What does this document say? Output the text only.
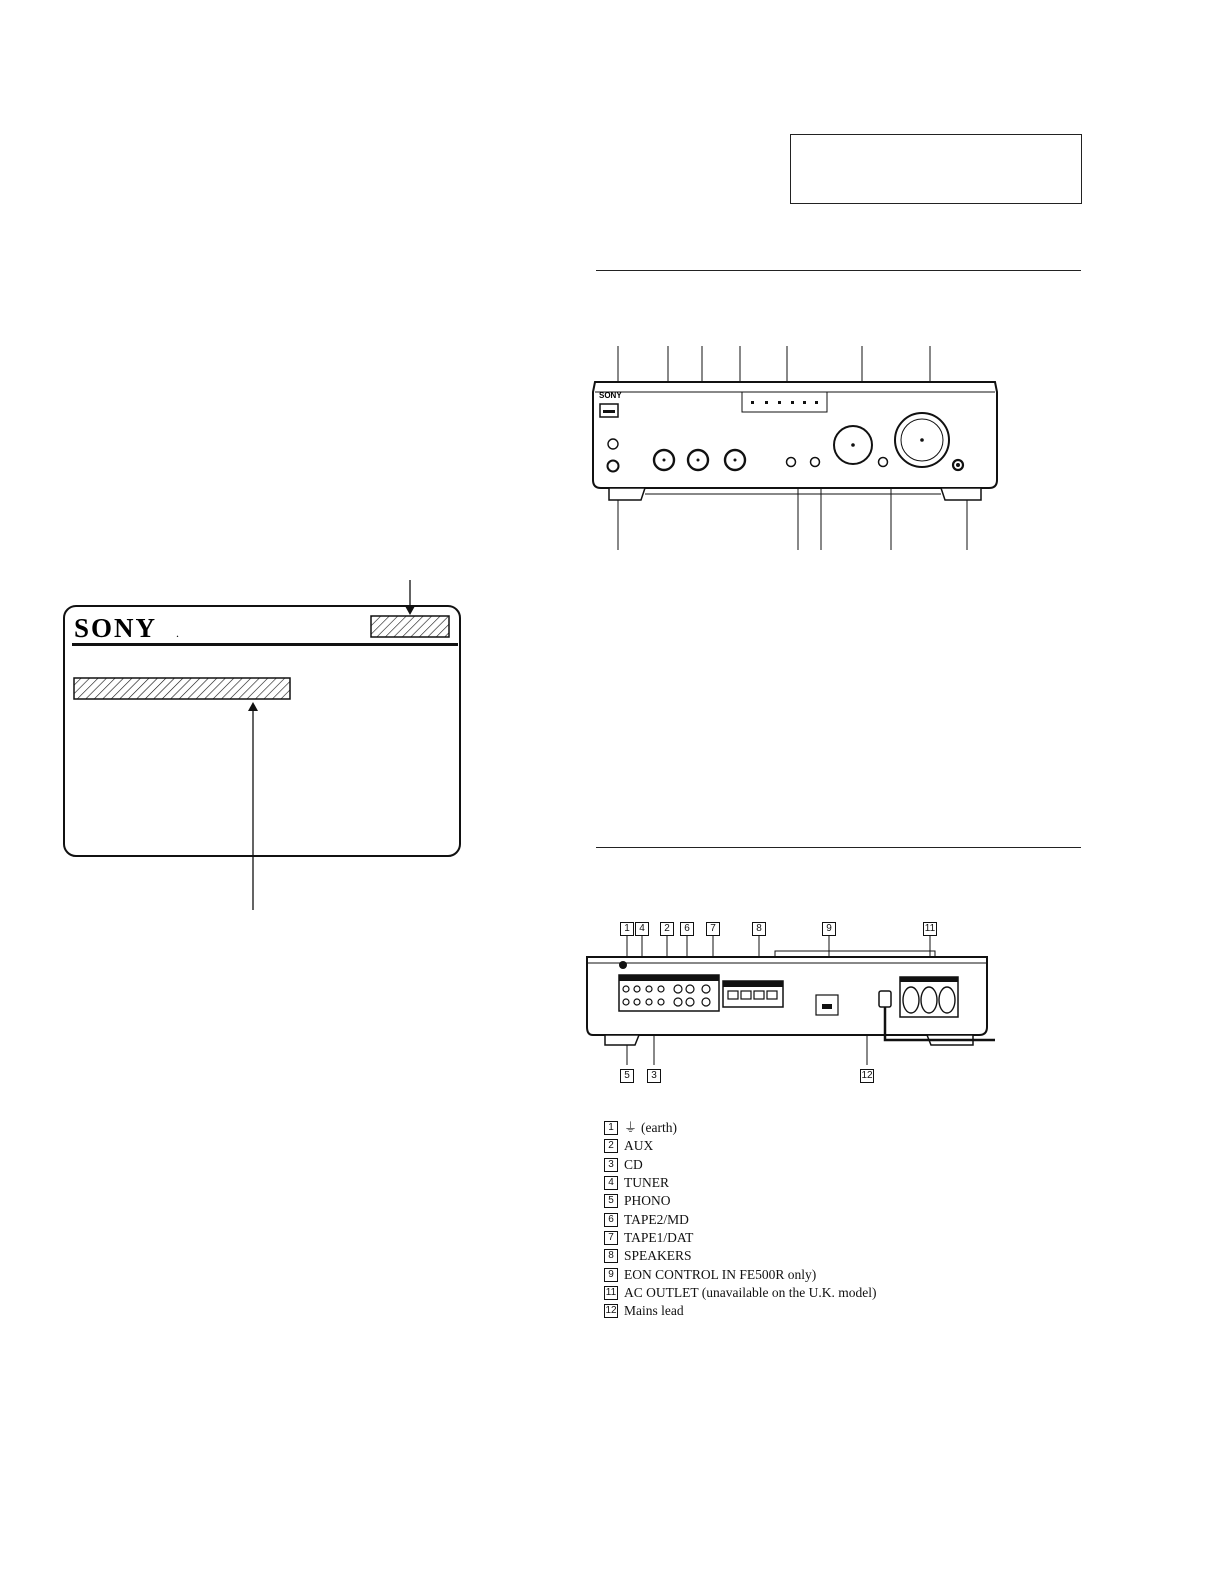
SONY .
SONY
1 4	2	6	7	8	9	11
5	3	12
1 ⏚ (earth)
2 AUX
3 CD
4 TUNER
5 PHONO
6 TAPE2/MD
7 TAPE1/DAT
8 SPEAKERS
9 EON CONTROL IN FE500R only)
11 AC OUTLET (unavailable on the U.K. model)
12 Mains lead
